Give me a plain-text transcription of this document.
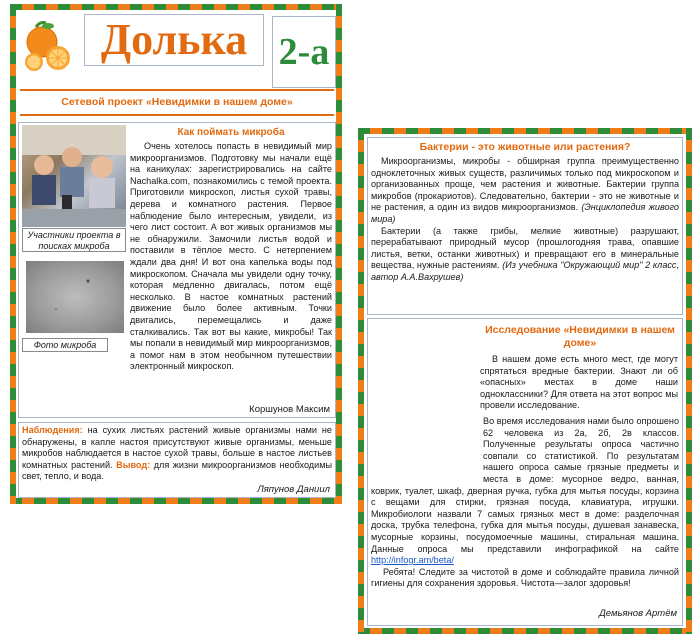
Долька 2-а
Сетевой проект «Невидимки в нашем доме»
Участники проекта в поисках микроба
Фото микроба
Как поймать микроба
Очень хотелось попасть в невидимый мир микроорганизмов. Подготовку мы начали ещё на каникулах: зарегистрировались на сайте Nachalka.com, познакомились с темой проекта. Приготовили микроскоп, листья сухой травы, дерева и комнатного растения. Первое наблюдение было интересным, увидели, из чего лист состоит. А вот живых организмов мы не обнаружили. Замочили листья водой и поставили в тёплое место. С нетерпением ждали два дня! И вот она капелька воды под микроскопом. Сначала мы увидели одну точку, которая медленно двигалась, потом ещё несколько. В настое комнатных растений движение было более активным. Точки двигались, перемещались и даже сталкивались. Так вот вы какие, микробы! Так мы попали в невидимый мир микроорганизмов, а помог нам в этом необычном путешествии электронный микроскоп.
Коршунов Максим
Наблюдения: на сухих листьях растений живые организмы нами не обнаружены, в капле настоя присутствуют живые организмы, меньше микробов наблюдается в настое сухой травы, больше в настое листьев комнатных растений. Вывод: для жизни микроорганизмов необходимы свет, тепло, и вода.
Ляпунов Даниил
Бактерии - это животные или растения?
Микроорганизмы, микробы - обширная группа преимущественно одноклеточных живых существ, различимых только под микроскопом и организованных проще, чем растения и животные. Бактерии группа микробов (прокариотов). Следовательно, бактерии - это не животные и не растения, а один из видов микроорганизмов. (Энциклопедия живого мира)
Бактерии (а также грибы, мелкие животные) разрушают, перерабатывают природный мусор (прошлогодняя трава, опавшие листья, ветки, останки животных) и превращают его в минеральные вещества, нужные растениям. (Из учебника "Окружающий мир" 2 класс, автор А.А.Вахрушев)
Исследование «Невидимки в нашем доме»
В нашем доме есть много мест, где могут спрятаться вредные бактерии. Знают ли об «опасных» местах в доме наши одноклассники? Для ответа на этот вопрос мы провели исследование.
Во время исследования нами было опрошено 62 человека из 2а, 2б, 2в классов. Полученные результаты опроса частично совпали со статистикой. По результатам нашего опроса самые грязные предметы и места в доме: мусорное ведро, ванная, коврик, туалет, шкаф, дверная ручка, губка для мытья посуды, корзина с вещами для стирки, грязная посуда, клавиатура, игрушки. Микробиологи назвали 7 самых грязных мест в доме: разделочная доска, трубка телефона, губка для мытья посуды, душевая занавеска, мусорные корзины, посудомоечные машины, стиральная машина. Данные опроса мы представили инфографикой на сайте http://infogr.am/beta/
Ребята! Следите за чистотой в доме и соблюдайте правила личной гигиены для сохранения здоровья. Чистота—залог здоровья!
Демьянов Артём
